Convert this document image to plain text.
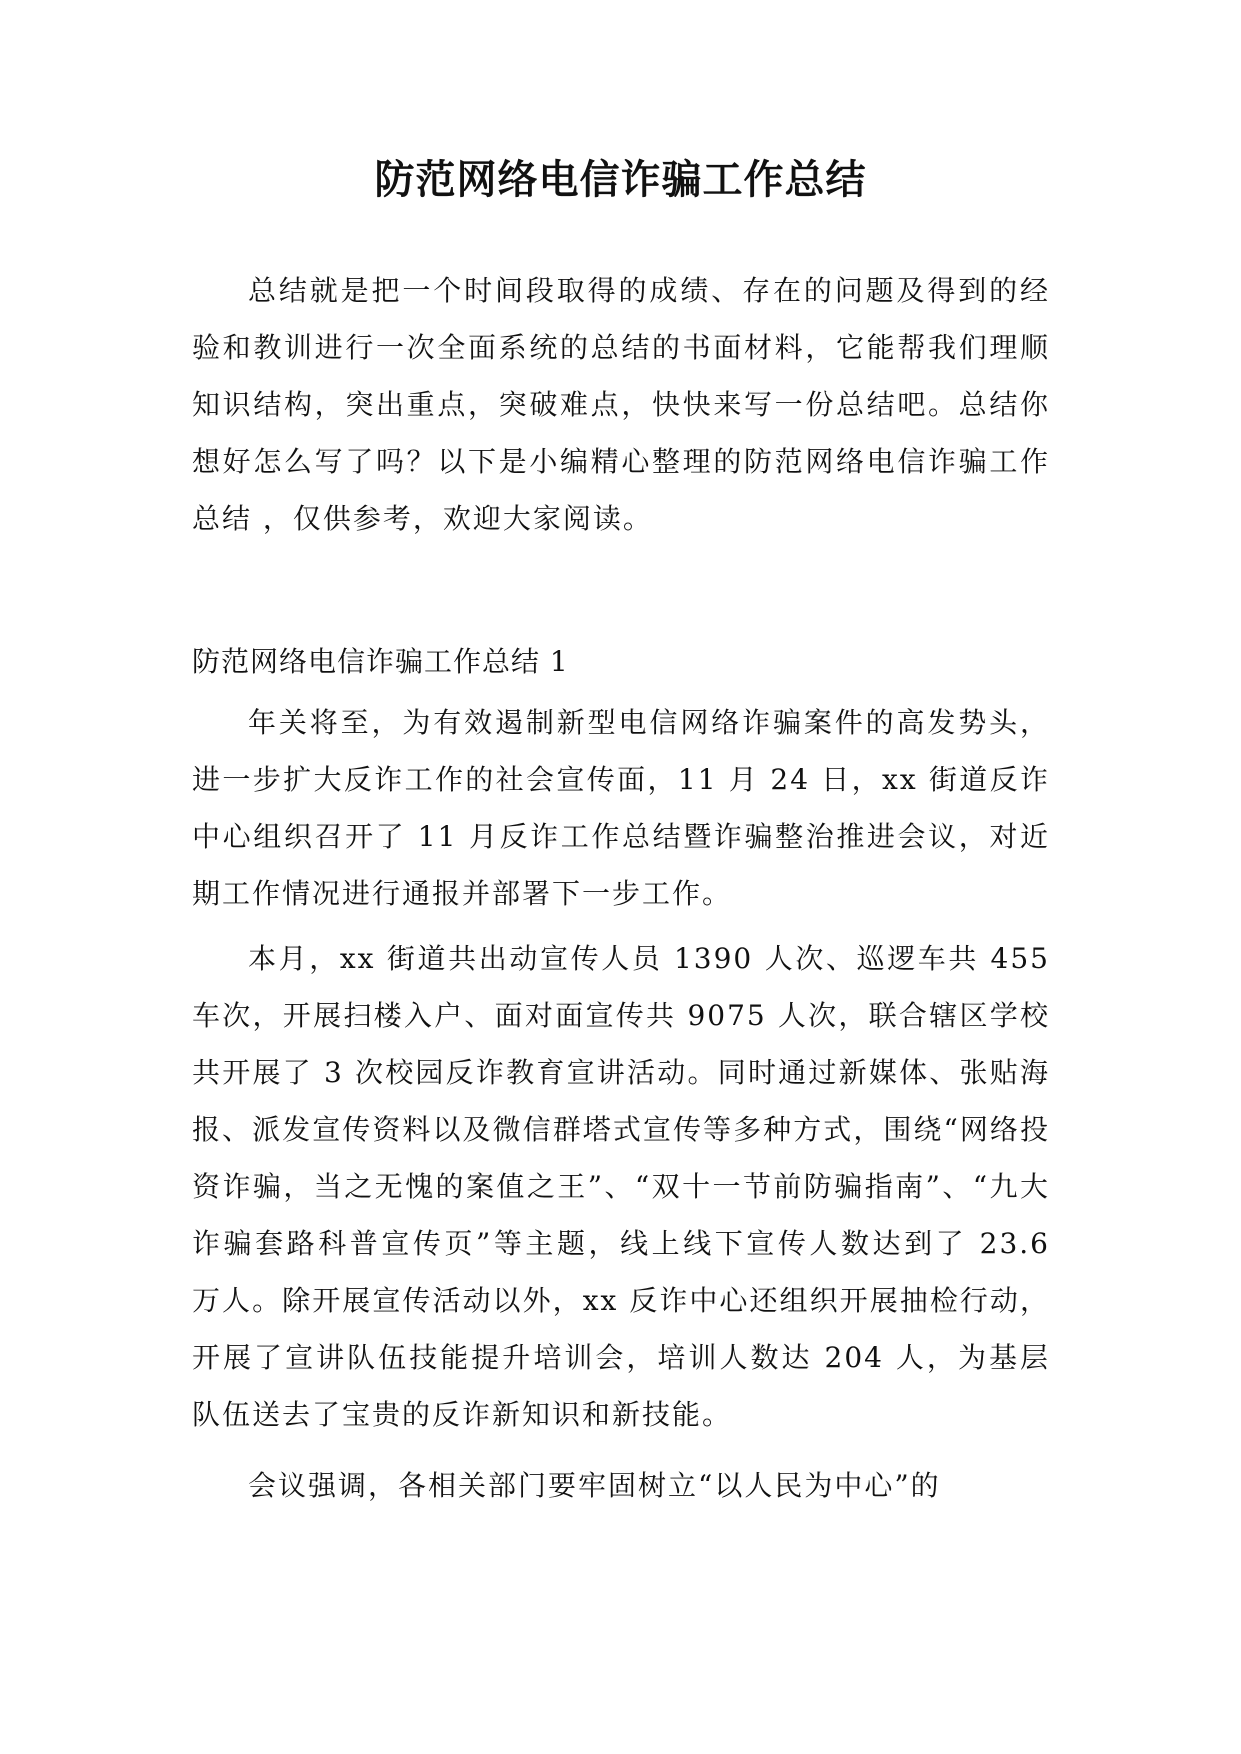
防范网络电信诈骗工作总结

总结就是把一个时间段取得的成绩、存在的问题及得到的经验和教训进行一次全面系统的总结的书面材料，它能帮我们理顺知识结构，突出重点，突破难点，快快来写一份总结吧。总结你想好怎么写了吗？以下是小编精心整理的防范网络电信诈骗工作总结 ，仅供参考，欢迎大家阅读。

防范网络电信诈骗工作总结 1

年关将至，为有效遏制新型电信网络诈骗案件的高发势头，进一步扩大反诈工作的社会宣传面，11 月 24 日，xx 街道反诈中心组织召开了 11 月反诈工作总结暨诈骗整治推进会议，对近期工作情况进行通报并部署下一步工作。

本月，xx 街道共出动宣传人员 1390 人次、巡逻车共 455 车次，开展扫楼入户、面对面宣传共 9075 人次，联合辖区学校共开展了 3 次校园反诈教育宣讲活动。同时通过新媒体、张贴海报、派发宣传资料以及微信群塔式宣传等多种方式，围绕“网络投资诈骗，当之无愧的案值之王”、“双十一节前防骗指南”、“九大诈骗套路科普宣传页”等主题，线上线下宣传人数达到了 23.6 万人。除开展宣传活动以外，xx 反诈中心还组织开展抽检行动，开展了宣讲队伍技能提升培训会，培训人数达 204 人，为基层队伍送去了宝贵的反诈新知识和新技能。

会议强调，各相关部门要牢固树立“以人民为中心”的
